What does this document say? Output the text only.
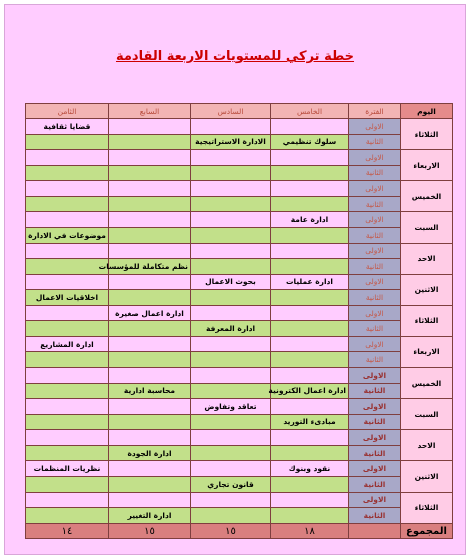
خطة تركي للمستويات الاربعة القادمة
اليوم	الفترة	الخامس	السادس	السابع	الثامن
الثلاثاء	الاولى				قضايا ثقافية
	الثانية	سلوك تنظيمي	الادارة الاستراتيجية		
الاربعاء	الاولى				
	الثانية				
الخميس	الاولى				
	الثانية				
السبت	الاولى	ادارة عامة			
	الثانية				موضوعات في الادارة
الاحد	الاولى				
	الثانية			نظم متكاملة للمؤسسات	
الاثنين	الاولى	ادارة عمليات	بحوث الاعمال		
	الثانية				اخلاقيات الاعمال
الثلاثاء	الاولى			ادارة اعمال صغيرة	
	الثانية		ادارة المعرفة		
الاربعاء	الاولى				ادارة المشاريع
	الثانية				
الخميس	الاولى				
	الثانية	ادارة اعمال الكترونية		محاسبة ادارية	
السبت	الاولى		تعاقد وتفاوض		
	الثانية	مبادىء التوريد			
الاحد	الاولى				
	الثانية			ادارة الجودة	
الاثنين	الاولى	نقود وبنوك			نظريات المنظمات
	الثانية		قانون تجاري		
الثلاثاء	الاولى				
	الثانية			ادارة التغيير	
المجموع		١٨	١٥	١٥	١٤
